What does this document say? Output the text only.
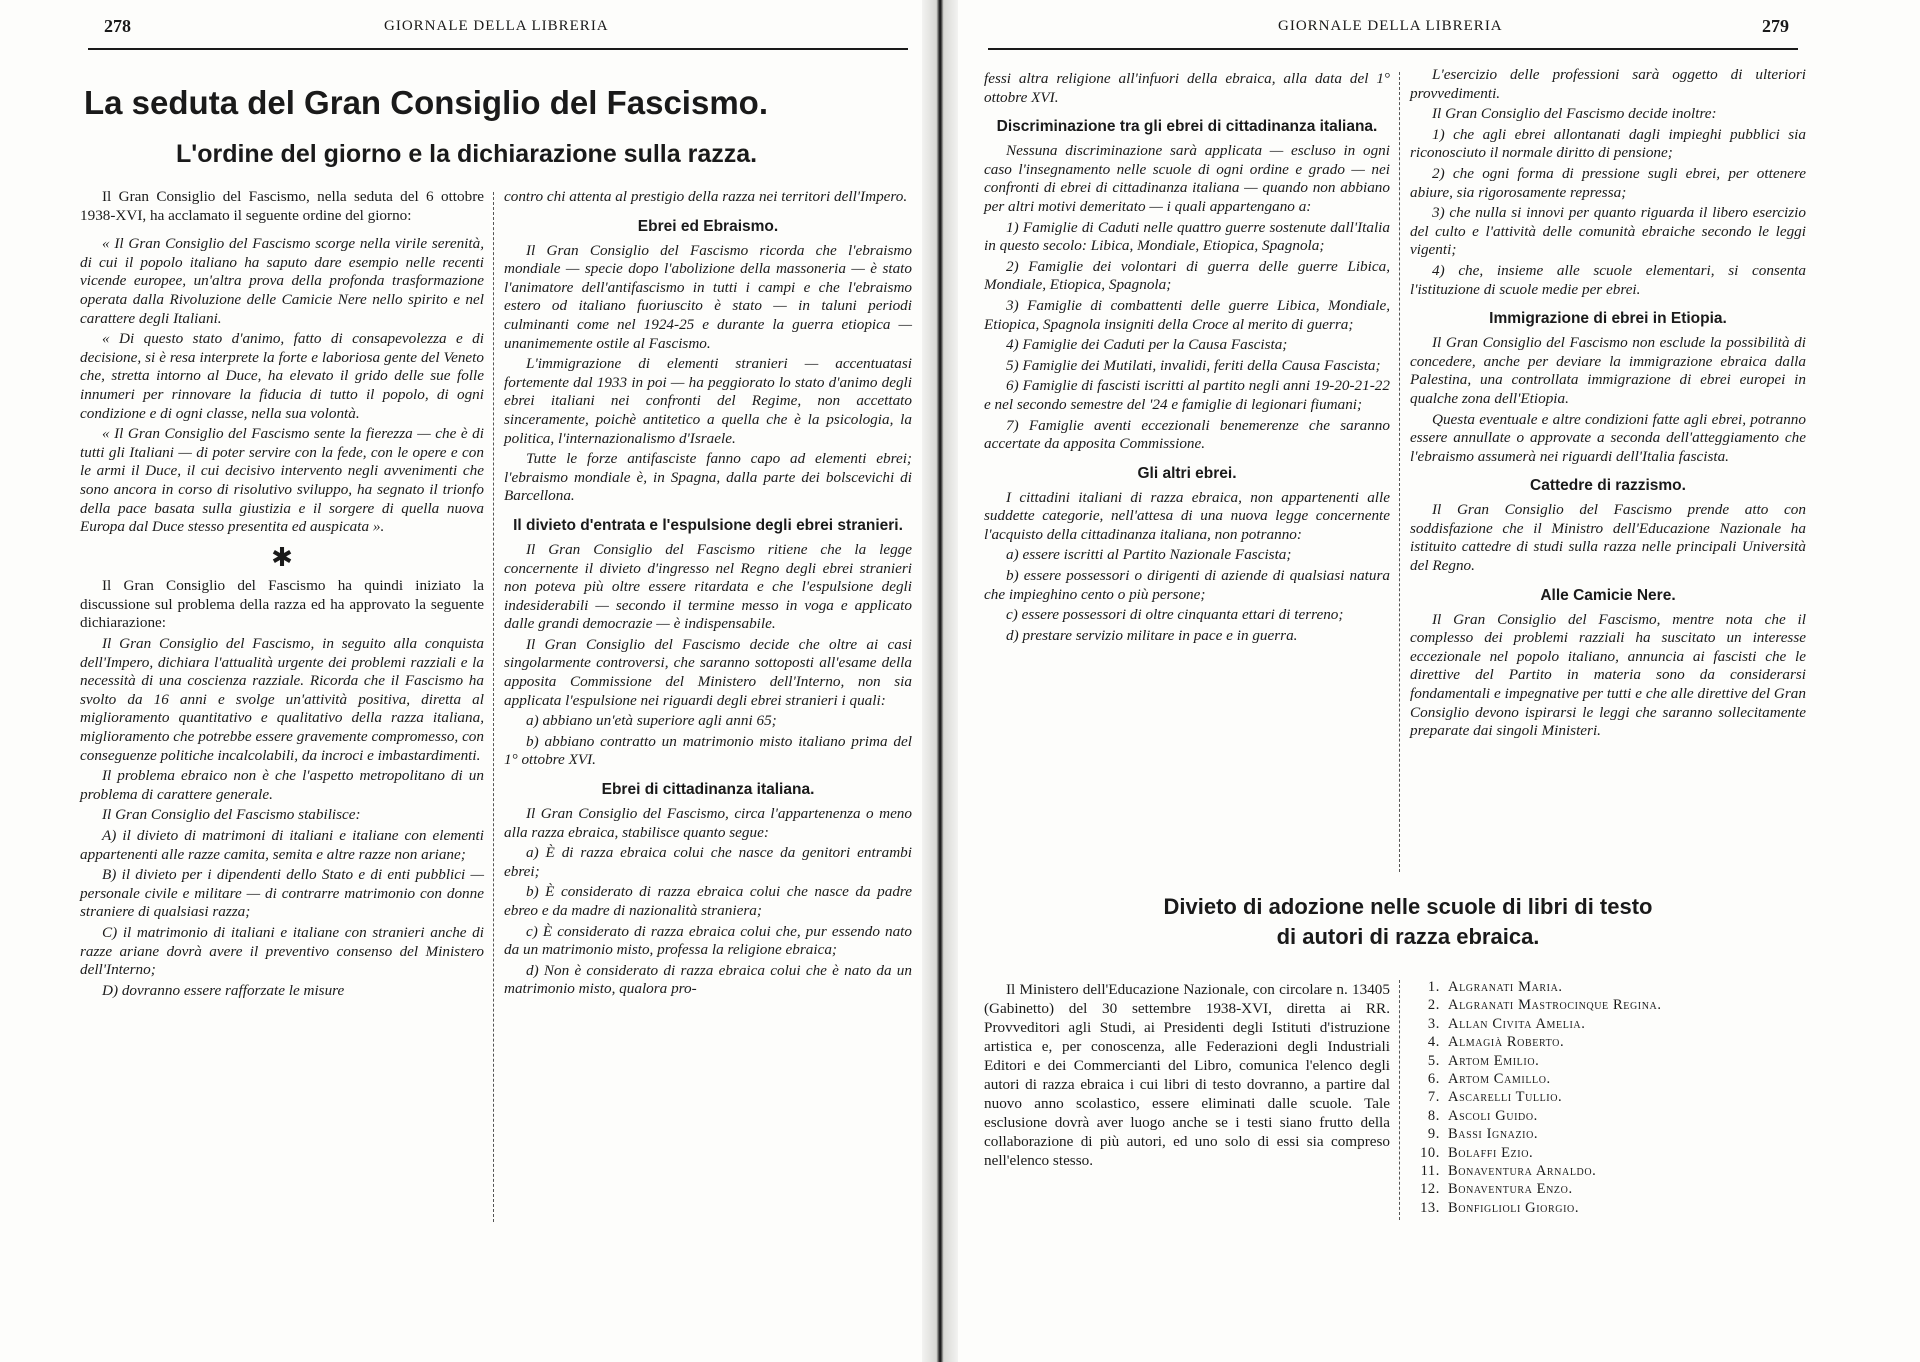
278	GIORNALE DELLA LIBRERIA
La seduta del Gran Consiglio del Fascismo.
L'ordine del giorno e la dichiarazione sulla razza.

Il Gran Consiglio del Fascismo, nella seduta del 6 ottobre 1938-XVI, ha acclamato il seguente ordine del giorno:

« Il Gran Consiglio del Fascismo scorge nella virile serenità, di cui il popolo italiano ha saputo dare esempio nelle recenti vicende europee, un'altra prova della profonda trasformazione operata dalla Rivoluzione delle Camicie Nere nello spirito e nel carattere degli Italiani.

« Di questo stato d'animo, fatto di consapevolezza e di decisione, si è resa interprete la forte e laboriosa gente del Veneto che, stretta intorno al Duce, ha elevato il grido delle sue folle innumeri per rinnovare la fiducia di tutto il popolo, di ogni condizione e di ogni classe, nella sua volontà.

« Il Gran Consiglio del Fascismo sente la fierezza — che è di tutti gli Italiani — di poter servire con la fede, con le opere e con le armi il Duce, il cui decisivo intervento negli avvenimenti che sono ancora in corso di risolutivo sviluppo, ha segnato il trionfo della pace basata sulla giustizia e il sorgere di quella nuova Europa dal Duce stesso presentita ed auspicata ».

✱

Il Gran Consiglio del Fascismo ha quindi iniziato la discussione sul problema della razza ed ha approvato la seguente dichiarazione:

Il Gran Consiglio del Fascismo, in seguito alla conquista dell'Impero, dichiara l'attualità urgente dei problemi razziali e la necessità di una coscienza razziale. Ricorda che il Fascismo ha svolto da 16 anni e svolge un'attività positiva, diretta al miglioramento quantitativo e qualitativo della razza italiana, miglioramento che potrebbe essere gravemente compromesso, con conseguenze politiche incalcolabili, da incroci e imbastardimenti.

Il problema ebraico non è che l'aspetto metropolitano di un problema di carattere generale.

Il Gran Consiglio del Fascismo stabilisce:

A) il divieto di matrimoni di italiani e italiane con elementi appartenenti alle razze camita, semita e altre razze non ariane;

B) il divieto per i dipendenti dello Stato e di enti pubblici — personale civile e militare — di contrarre matrimonio con donne straniere di qualsiasi razza;

C) il matrimonio di italiani e italiane con stranieri anche di razze ariane dovrà avere il preventivo consenso del Ministero dell'Interno;

D) dovranno essere rafforzate le misure

contro chi attenta al prestigio della razza nei territori dell'Impero.

Ebrei ed Ebraismo.

Il Gran Consiglio del Fascismo ricorda che l'ebraismo mondiale — specie dopo l'abolizione della massoneria — è stato l'animatore dell'antifascismo in tutti i campi e che l'ebraismo estero od italiano fuoriuscito è stato — in taluni periodi culminanti come nel 1924-25 e durante la guerra etiopica — unanimemente ostile al Fascismo.

L'immigrazione di elementi stranieri — accentuatasi fortemente dal 1933 in poi — ha peggiorato lo stato d'animo degli ebrei italiani nei confronti del Regime, non accettato sinceramente, poichè antitetico a quella che è la psicologia, la politica, l'internazionalismo d'Israele.

Tutte le forze antifasciste fanno capo ad elementi ebrei; l'ebraismo mondiale è, in Spagna, dalla parte dei bolscevichi di Barcellona.

Il divieto d'entrata e l'espulsione degli ebrei stranieri.

Il Gran Consiglio del Fascismo ritiene che la legge concernente il divieto d'ingresso nel Regno degli ebrei stranieri non poteva più oltre essere ritardata e che l'espulsione degli indesiderabili — secondo il termine messo in voga e applicato dalle grandi democrazie — è indispensabile.

Il Gran Consiglio del Fascismo decide che oltre ai casi singolarmente controversi, che saranno sottoposti all'esame della apposita Commissione del Ministero dell'Interno, non sia applicata l'espulsione nei riguardi degli ebrei stranieri i quali:

a) abbiano un'età superiore agli anni 65;

b) abbiano contratto un matrimonio misto italiano prima del 1° ottobre XVI.

Ebrei di cittadinanza italiana.

Il Gran Consiglio del Fascismo, circa l'appartenenza o meno alla razza ebraica, stabilisce quanto segue:

a) È di razza ebraica colui che nasce da genitori entrambi ebrei;

b) È considerato di razza ebraica colui che nasce da padre ebreo e da madre di nazionalità straniera;

c) È considerato di razza ebraica colui che, pur essendo nato da un matrimonio misto, professa la religione ebraica;

d) Non è considerato di razza ebraica colui che è nato da un matrimonio misto, qualora pro-

GIORNALE DELLA LIBRERIA	279

fessi altra religione all'infuori della ebraica, alla data del 1° ottobre XVI.

Discriminazione tra gli ebrei di cittadinanza italiana.

Nessuna discriminazione sarà applicata — escluso in ogni caso l'insegnamento nelle scuole di ogni ordine e grado — nei confronti di ebrei di cittadinanza italiana — quando non abbiano per altri motivi demeritato — i quali appartengano a:

1) Famiglie di Caduti nelle quattro guerre sostenute dall'Italia in questo secolo: Libica, Mondiale, Etiopica, Spagnola;

2) Famiglie dei volontari di guerra delle guerre Libica, Mondiale, Etiopica, Spagnola;

3) Famiglie di combattenti delle guerre Libica, Mondiale, Etiopica, Spagnola insigniti della Croce al merito di guerra;

4) Famiglie dei Caduti per la Causa Fascista;

5) Famiglie dei Mutilati, invalidi, feriti della Causa Fascista;

6) Famiglie di fascisti iscritti al partito negli anni 19-20-21-22 e nel secondo semestre del '24 e famiglie di legionari fiumani;

7) Famiglie aventi eccezionali benemerenze che saranno accertate da apposita Commissione.

Gli altri ebrei.

I cittadini italiani di razza ebraica, non appartenenti alle suddette categorie, nell'attesa di una nuova legge concernente l'acquisto della cittadinanza italiana, non potranno:

a) essere iscritti al Partito Nazionale Fascista;

b) essere possessori o dirigenti di aziende di qualsiasi natura che impieghino cento o più persone;

c) essere possessori di oltre cinquanta ettari di terreno;

d) prestare servizio militare in pace e in guerra.

L'esercizio delle professioni sarà oggetto di ulteriori provvedimenti.

Il Gran Consiglio del Fascismo decide inoltre:

1) che agli ebrei allontanati dagli impieghi pubblici sia riconosciuto il normale diritto di pensione;

2) che ogni forma di pressione sugli ebrei, per ottenere abiure, sia rigorosamente repressa;

3) che nulla si innovi per quanto riguarda il libero esercizio del culto e l'attività delle comunità ebraiche secondo le leggi vigenti;

4) che, insieme alle scuole elementari, si consenta l'istituzione di scuole medie per ebrei.

Immigrazione di ebrei in Etiopia.

Il Gran Consiglio del Fascismo non esclude la possibilità di concedere, anche per deviare la immigrazione ebraica dalla Palestina, una controllata immigrazione di ebrei europei in qualche zona dell'Etiopia.

Questa eventuale e altre condizioni fatte agli ebrei, potranno essere annullate o approvate a seconda dell'atteggiamento che l'ebraismo assumerà nei riguardi dell'Italia fascista.

Cattedre di razzismo.

Il Gran Consiglio del Fascismo prende atto con soddisfazione che il Ministro dell'Educazione Nazionale ha istituito cattedre di studi sulla razza nelle principali Università del Regno.

Alle Camicie Nere.

Il Gran Consiglio del Fascismo, mentre nota che il complesso dei problemi razziali ha suscitato un interesse eccezionale nel popolo italiano, annuncia ai fascisti che le direttive del Partito in materia sono da considerarsi fondamentali e impegnative per tutti e che alle direttive del Gran Consiglio devono ispirarsi le leggi che saranno sollecitamente preparate dai singoli Ministeri.

Divieto di adozione nelle scuole di libri di testo
di autori di razza ebraica.

Il Ministero dell'Educazione Nazionale, con circolare n. 13405 (Gabinetto) del 30 settembre 1938-XVI, diretta ai RR. Provveditori agli Studi, ai Presidenti degli Istituti d'istruzione artistica e, per conoscenza, alle Federazioni degli Industriali Editori e dei Commercianti del Libro, comunica l'elenco degli autori di razza ebraica i cui libri di testo dovranno, a partire dal nuovo anno scolastico, essere eliminati dalle scuole. Tale esclusione dovrà aver luogo anche se i testi siano frutto della collaborazione di più autori, ed uno solo di essi sia compreso nell'elenco stesso.

1. Algranati Maria.
2. Algranati Mastrocinque Regina.
3. Allan Civita Amelia.
4. Almagià Roberto.
5. Artom Emilio.
6. Artom Camillo.
7. Ascarelli Tullio.
8. Ascoli Guido.
9. Bassi Ignazio.
10. Bolaffi Ezio.
11. Bonaventura Arnaldo.
12. Bonaventura Enzo.
13. Bonfiglioli Giorgio.
